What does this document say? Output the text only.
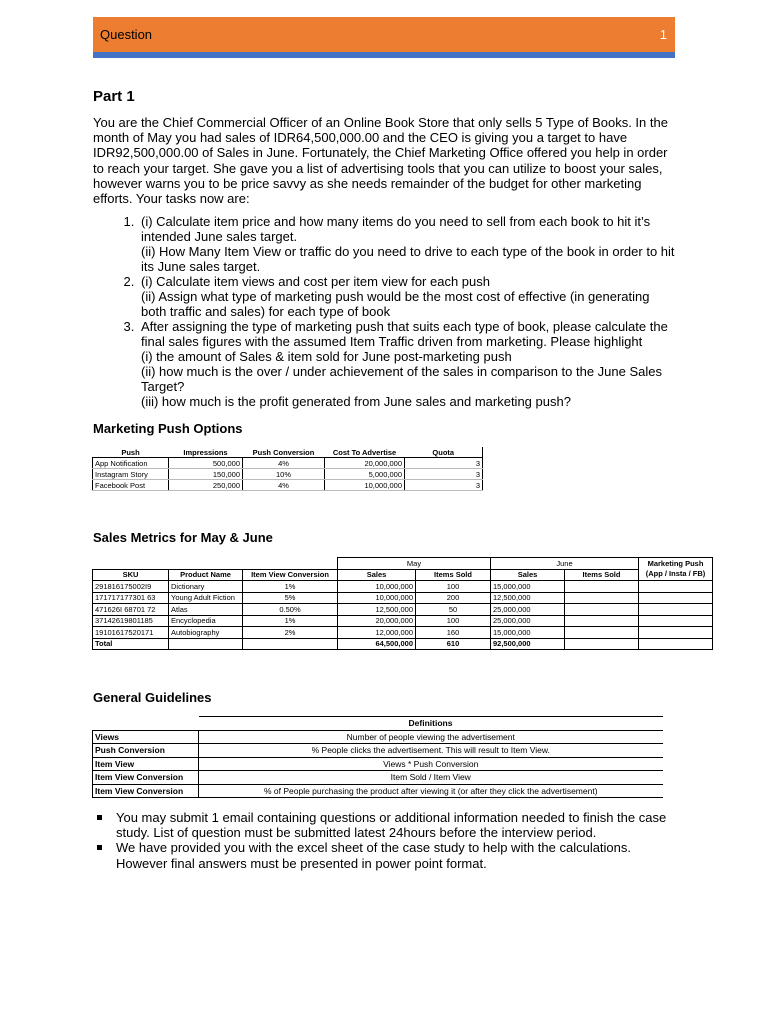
Question	1
Part 1
You are the Chief Commercial Officer of an Online Book Store that only sells 5 Type of Books. In the month of May you had sales of IDR64,500,000.00 and the CEO is giving you a target to have IDR92,500,000.00 of Sales in June. Fortunately, the Chief Marketing Office offered you help in order to reach your target. She gave you a list of advertising tools that you can utilize to boost your sales, however warns you to be price savvy as she needs remainder of the budget for other marketing efforts. Your tasks now are:
1. (i) Calculate item price and how many items do you need to sell from each book to hit it’s intended June sales target.
(ii) How Many Item View or traffic do you need to drive to each type of the book in order to hit its June sales target.
2. (i) Calculate item views and cost per item view for each push
(ii) Assign what type of marketing push would be the most cost of effective (in generating both traffic and sales) for each type of book
3. After assigning the type of marketing push that suits each type of book, please calculate the final sales figures with the assumed Item Traffic driven from marketing. Please highlight
(i) the amount of Sales & item sold for June post-marketing push
(ii) how much is the over / under achievement of the sales in comparison to the June Sales Target?
(iii) how much is the profit generated from June sales and marketing push?
Marketing Push Options
Push	Impressions	Push Conversion	Cost To Advertise	Quota
App Notification	500,000	4%	20,000,000	3
Instagram Story	150,000	10%	5,000,000	3
Facebook Post	250,000	4%	10,000,000	3
Sales Metrics for May & June
			May		June		Marketing Push
(App / Insta / FB)

SKU	Product Name	Item View Conversion	Sales	Items Sold	Sales	Items Sold	
291816175002I9	Dictionary	1%	10,000,000	100	15,000,000		
171717177301 63	Young Adult Fiction	5%	10,000,000	200	12,500,000		
471626I 68701 72	Atlas	0.50%	12,500,000	50	25,000,000		
37142619801185	Encyclopedia	1%	20,000,000	100	25,000,000		
19101617520171	Autobiography	2%	12,000,000	160	15,000,000		
Total			64,500,000	610	92,500,000		
General Guidelines
	Definitions
Views	Number of people viewing the advertisement
Push Conversion	% People clicks the advertisement. This will result to Item View.
Item View	Views * Push Conversion
Item View Conversion	Item Sold / Item View
Item View Conversion	% of People purchasing the product after viewing it (or after they click the advertisement)
You may submit 1 email containing questions or additional information needed to finish the case study. List of question must be submitted latest 24hours before the interview period.
We have provided you with the excel sheet of the case study to help with the calculations. However final answers must be presented in power point format.
